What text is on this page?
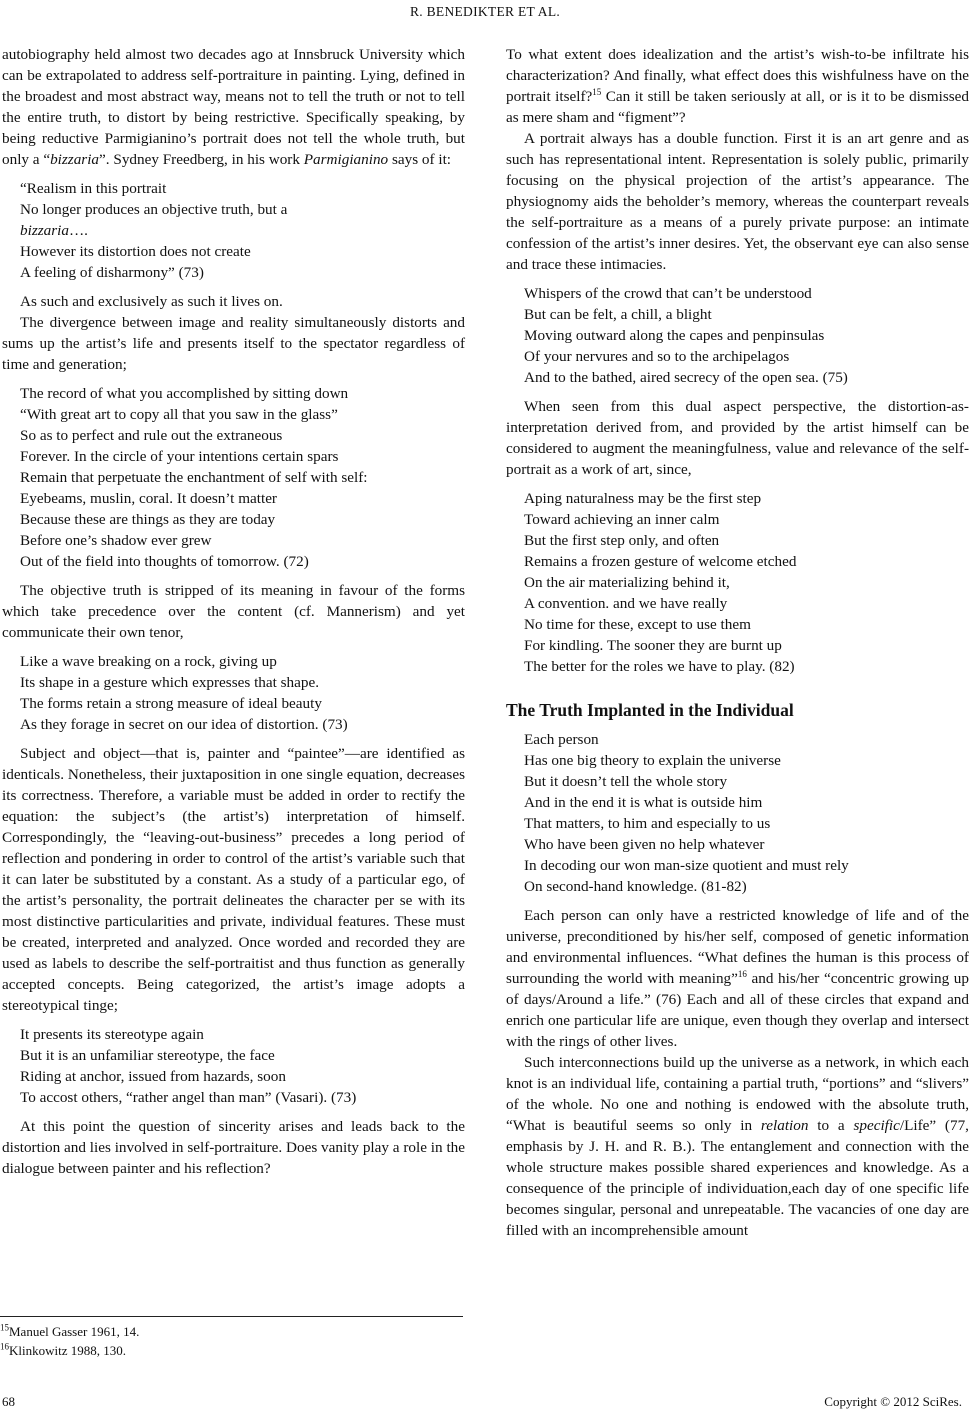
R. BENEDIKTER ET AL.

autobiography held almost two decades ago at Innsbruck University which can be extrapolated to address self-portraiture in painting. Lying, defined in the broadest and most abstract way, means not to tell the truth or not to tell the entire truth, to distort by being restrictive. Specifically speaking, by being reductive Parmigianino’s portrait does not tell the whole truth, but only a “bizzaria”. Sydney Freedberg, in his work Parmigianino says of it:

“Realism in this portrait
No longer produces an objective truth, but a
bizzaria….
However its distortion does not create
A feeling of disharmony” (73)

As such and exclusively as such it lives on.

The divergence between image and reality simultaneously distorts and sums up the artist’s life and presents itself to the spectator regardless of time and generation;

The record of what you accomplished by sitting down
“With great art to copy all that you saw in the glass”
So as to perfect and rule out the extraneous
Forever. In the circle of your intentions certain spars
Remain that perpetuate the enchantment of self with self:
Eyebeams, muslin, coral. It doesn’t matter
Because these are things as they are today
Before one’s shadow ever grew
Out of the field into thoughts of tomorrow. (72)

The objective truth is stripped of its meaning in favour of the forms which take precedence over the content (cf. Mannerism) and yet communicate their own tenor,

Like a wave breaking on a rock, giving up
Its shape in a gesture which expresses that shape.
The forms retain a strong measure of ideal beauty
As they forage in secret on our idea of distortion. (73)

Subject and object—that is, painter and “paintee”—are identified as identicals. Nonetheless, their juxtaposition in one single equation, decreases its correctness. Therefore, a variable must be added in order to rectify the equation: the subject’s (the artist’s) interpretation of himself. Correspondingly, the “leaving-out-business” precedes a long period of reflection and pondering in order to control of the artist’s variable such that it can later be substituted by a constant. As a study of a particular ego, of the artist’s personality, the portrait delineates the character per se with its most distinctive particularities and private, individual features. These must be created, interpreted and analyzed. Once worded and recorded they are used as labels to describe the self-portraitist and thus function as generally accepted concepts. Being categorized, the artist’s image adopts a stereotypical tinge;

It presents its stereotype again
But it is an unfamiliar stereotype, the face
Riding at anchor, issued from hazards, soon
To accost others, “rather angel than man” (Vasari). (73)

At this point the question of sincerity arises and leads back to the distortion and lies involved in self-portraiture. Does vanity play a role in the dialogue between painter and his reflection?

To what extent does idealization and the artist’s wish-to-be infiltrate his characterization? And finally, what effect does this wishfulness have on the portrait itself?$^{15}$ Can it still be taken seriously at all, or is it to be dismissed as mere sham and “figment”?

A portrait always has a double function. First it is an art genre and as such has representational intent. Representation is solely public, primarily focusing on the physical projection of the artist’s appearance. The physiognomy aids the beholder’s memory, whereas the counterpart reveals the self-portraiture as a means of a purely private purpose: an intimate confession of the artist’s inner desires. Yet, the observant eye can also sense and trace these intimacies.

Whispers of the crowd that can’t be understood
But can be felt, a chill, a blight
Moving outward along the capes and penpinsulas
Of your nervures and so to the archipelagos
And to the bathed, aired secrecy of the open sea. (75)

When seen from this dual aspect perspective, the distortion-as-interpretation derived from, and provided by the artist himself can be considered to augment the meaningfulness, value and relevance of the self-portrait as a work of art, since,

Aping naturalness may be the first step
Toward achieving an inner calm
But the first step only, and often
Remains a frozen gesture of welcome etched
On the air materializing behind it,
A convention. and we have really
No time for these, except to use them
For kindling. The sooner they are burnt up
The better for the roles we have to play. (82)
The Truth Implanted in the Individual
Each person
Has one big theory to explain the universe
But it doesn’t tell the whole story
And in the end it is what is outside him
That matters, to him and especially to us
Who have been given no help whatever
In decoding our won man-size quotient and must rely
On second-hand knowledge. (81-82)

Each person can only have a restricted knowledge of life and of the universe, preconditioned by his/her self, composed of genetic information and environmental influences. “What defines the human is this process of surrounding the world with meaning”$^{16}$ and his/her “concentric growing up of days/Around a life.” (76) Each and all of these circles that expand and enrich one particular life are unique, even though they overlap and intersect with the rings of other lives.

Such interconnections build up the universe as a network, in which each knot is an individual life, containing a partial truth, “portions” and “slivers” of the whole. No one and nothing is endowed with the absolute truth, “What is beautiful seems so only in relation to a specific/Life” (77, emphasis by J. H. and R. B.). The entanglement and connection with the whole structure makes possible shared experiences and knowledge. As a consequence of the principle of individuation,each day of one specific life becomes singular, personal and unrepeatable. The vacancies of one day are filled with an incomprehensible amount

$^{15}$Manuel Gasser 1961, 14.
$^{16}$Klinkowitz 1988, 130.
68	Copyright © 2012 SciRes.
